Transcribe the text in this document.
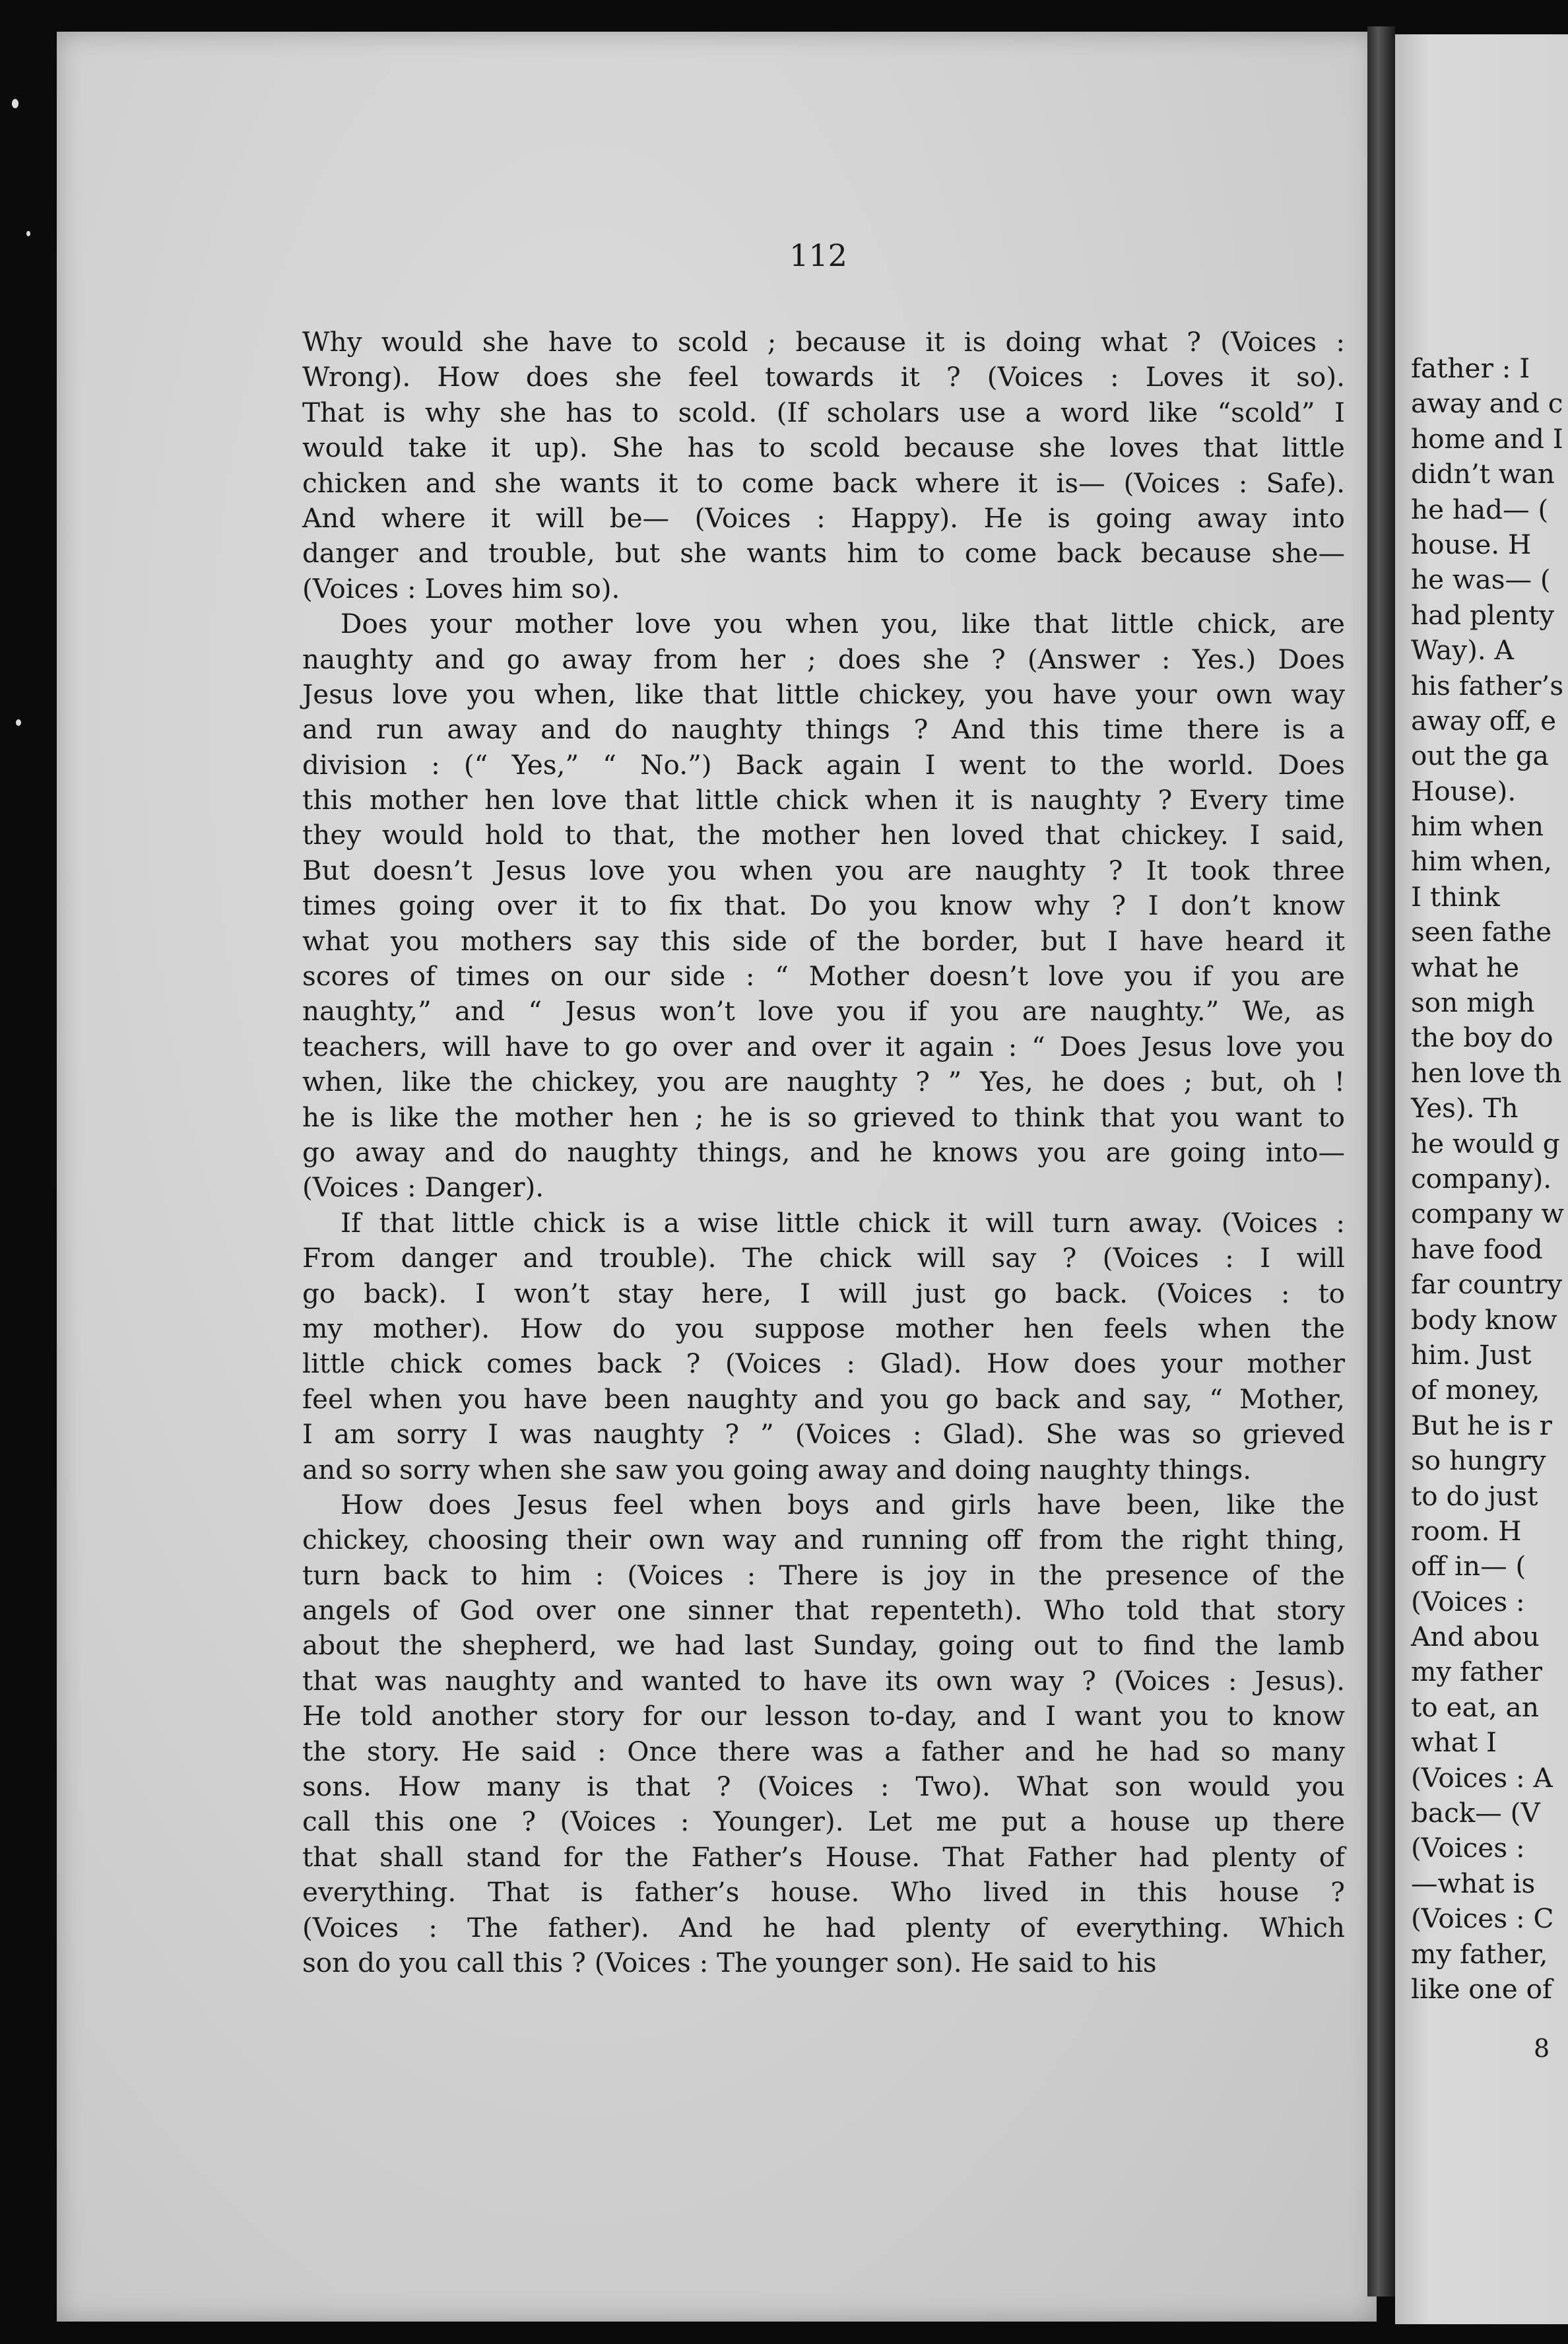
father : I
away and c
home and I
didn’t wan
he had— (
house. H
he was— (
had plenty
Way). A
his father’s
away off, e
out the ga
House).
him when
him when,
I think
seen fathe
what he
son migh
the boy do
hen love th
Yes). Th
he would g
company).
company w
have food
far country
body know
him. Just
of money,
But he is r
so hungry
to do just
room. H
off in— (
(Voices :
And abou
my father
to eat, an
what I
(Voices : A
back— (V
(Voices :
—what is
(Voices : C
my father,
like one of
8
112
Why would she have to scold ; because it is doing what ? (Voices :
Wrong). How does she feel towards it ? (Voices : Loves it so).
That is why she has to scold. (If scholars use a word like “scold” I
would take it up). She has to scold because she loves that little
chicken and she wants it to come back where it is— (Voices : Safe).
And where it will be— (Voices : Happy). He is going away into
danger and trouble, but she wants him to come back because she—
(Voices : Loves him so).
Does your mother love you when you, like that little chick, are
naughty and go away from her ; does she ? (Answer : Yes.) Does
Jesus love you when, like that little chickey, you have your own way
and run away and do naughty things ? And this time there is a
division : (“ Yes,” “ No.”) Back again I went to the world. Does
this mother hen love that little chick when it is naughty ? Every time
they would hold to that, the mother hen loved that chickey. I said,
But doesn’t Jesus love you when you are naughty ? It took three
times going over it to fix that. Do you know why ? I don’t know
what you mothers say this side of the border, but I have heard it
scores of times on our side : “ Mother doesn’t love you if you are
naughty,” and “ Jesus won’t love you if you are naughty.” We, as
teachers, will have to go over and over it again : “ Does Jesus love you
when, like the chickey, you are naughty ? ” Yes, he does ; but, oh !
he is like the mother hen ; he is so grieved to think that you want to
go away and do naughty things, and he knows you are going into—
(Voices : Danger).
If that little chick is a wise little chick it will turn away. (Voices :
From danger and trouble). The chick will say ? (Voices : I will
go back). I won’t stay here, I will just go back. (Voices : to
my mother). How do you suppose mother hen feels when the
little chick comes back ? (Voices : Glad). How does your mother
feel when you have been naughty and you go back and say, “ Mother,
I am sorry I was naughty ? ” (Voices : Glad). She was so grieved
and so sorry when she saw you going away and doing naughty things.
How does Jesus feel when boys and girls have been, like the
chickey, choosing their own way and running off from the right thing,
turn back to him : (Voices : There is joy in the presence of the
angels of God over one sinner that repenteth). Who told that story
about the shepherd, we had last Sunday, going out to find the lamb
that was naughty and wanted to have its own way ? (Voices : Jesus).
He told another story for our lesson to-day, and I want you to know
the story. He said : Once there was a father and he had so many
sons. How many is that ? (Voices : Two). What son would you
call this one ? (Voices : Younger). Let me put a house up there
that shall stand for the Father’s House. That Father had plenty of
everything. That is father’s house. Who lived in this house ?
(Voices : The father). And he had plenty of everything. Which
son do you call this ? (Voices : The younger son). He said to his
